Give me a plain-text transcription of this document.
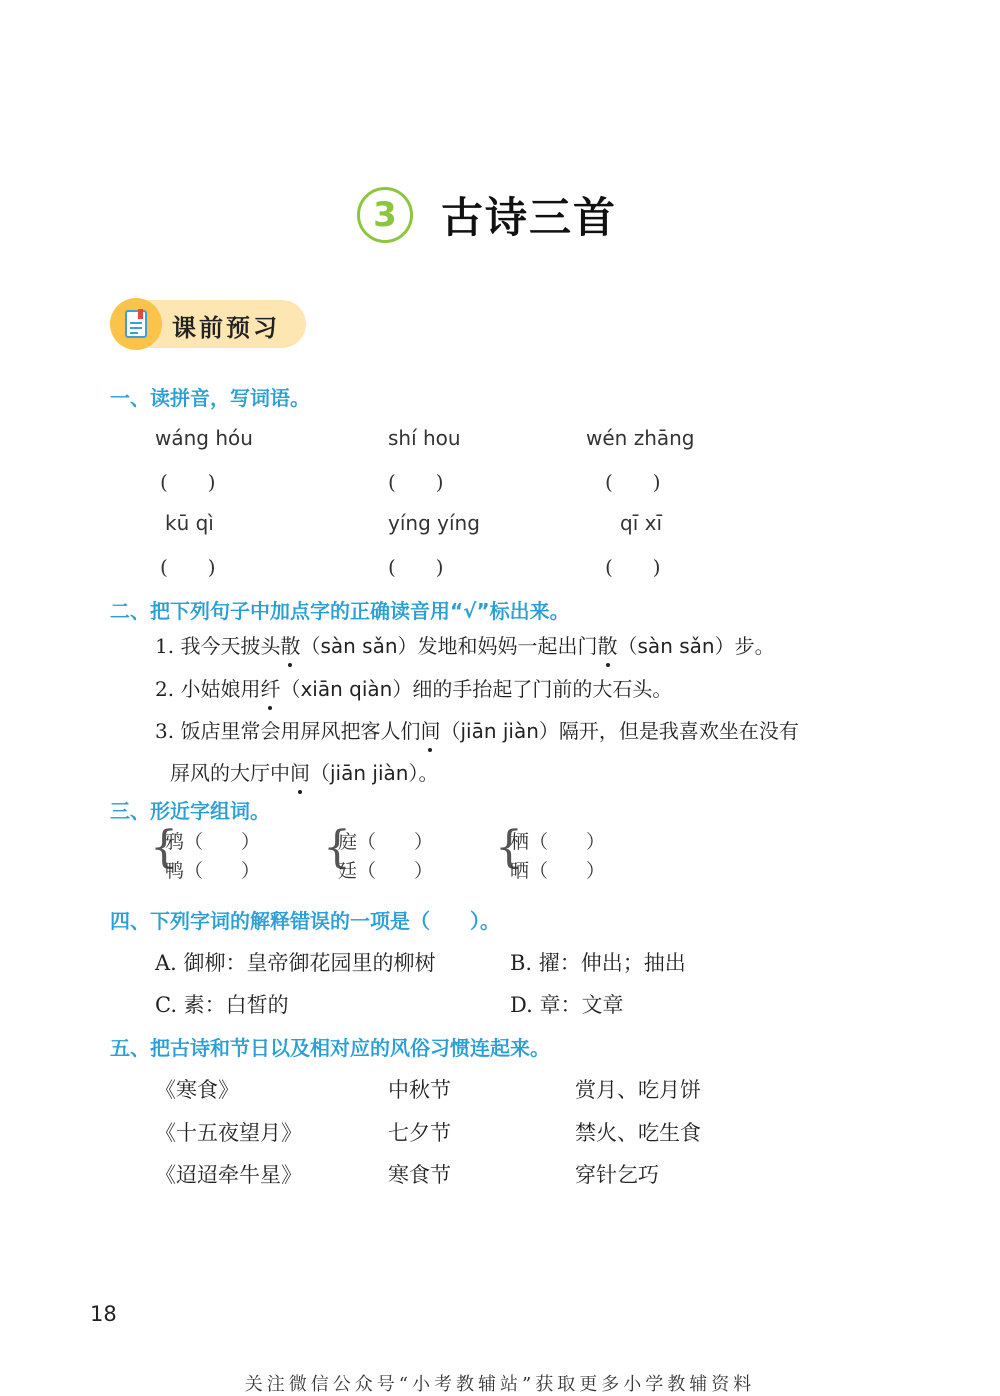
3	古诗三首
课前预习
一、读拼音，写词语。
wáng hóu	shí hou	wén zhāng
(　　)	(　　)	(　　)
kū qì	yíng yíng	qī xī
(　　)	(　　)	(　　)
二、把下列句子中加点字的正确读音用“√”标出来。
1. 我今天披头散（sàn sǎn）发地和妈妈一起出门散（sàn sǎn）步。
2. 小姑娘用纤（xiān qiàn）细的手抬起了门前的大石头。
3. 饭店里常会用屏风把客人们间（jiān jiàn）隔开，但是我喜欢坐在没有
屏风的大厅中间（jiān jiàn）。
三、形近字组词。
{
鸦（　　）
鸭（　　） {
庭（　　）
廷（　　） {
栖（　　）
晒（　　）
四、下列字词的解释错误的一项是（　　）。
A. 御柳：皇帝御花园里的柳树	B. 擢：伸出；抽出
C. 素：白皙的	D. 章：文章
五、把古诗和节日以及相对应的风俗习惯连起来。
《寒食》	中秋节	赏月、吃月饼
《十五夜望月》	七夕节	禁火、吃生食
《迢迢牵牛星》	寒食节	穿针乞巧
18
关注微信公众号“小考教辅站”获取更多小学教辅资料
